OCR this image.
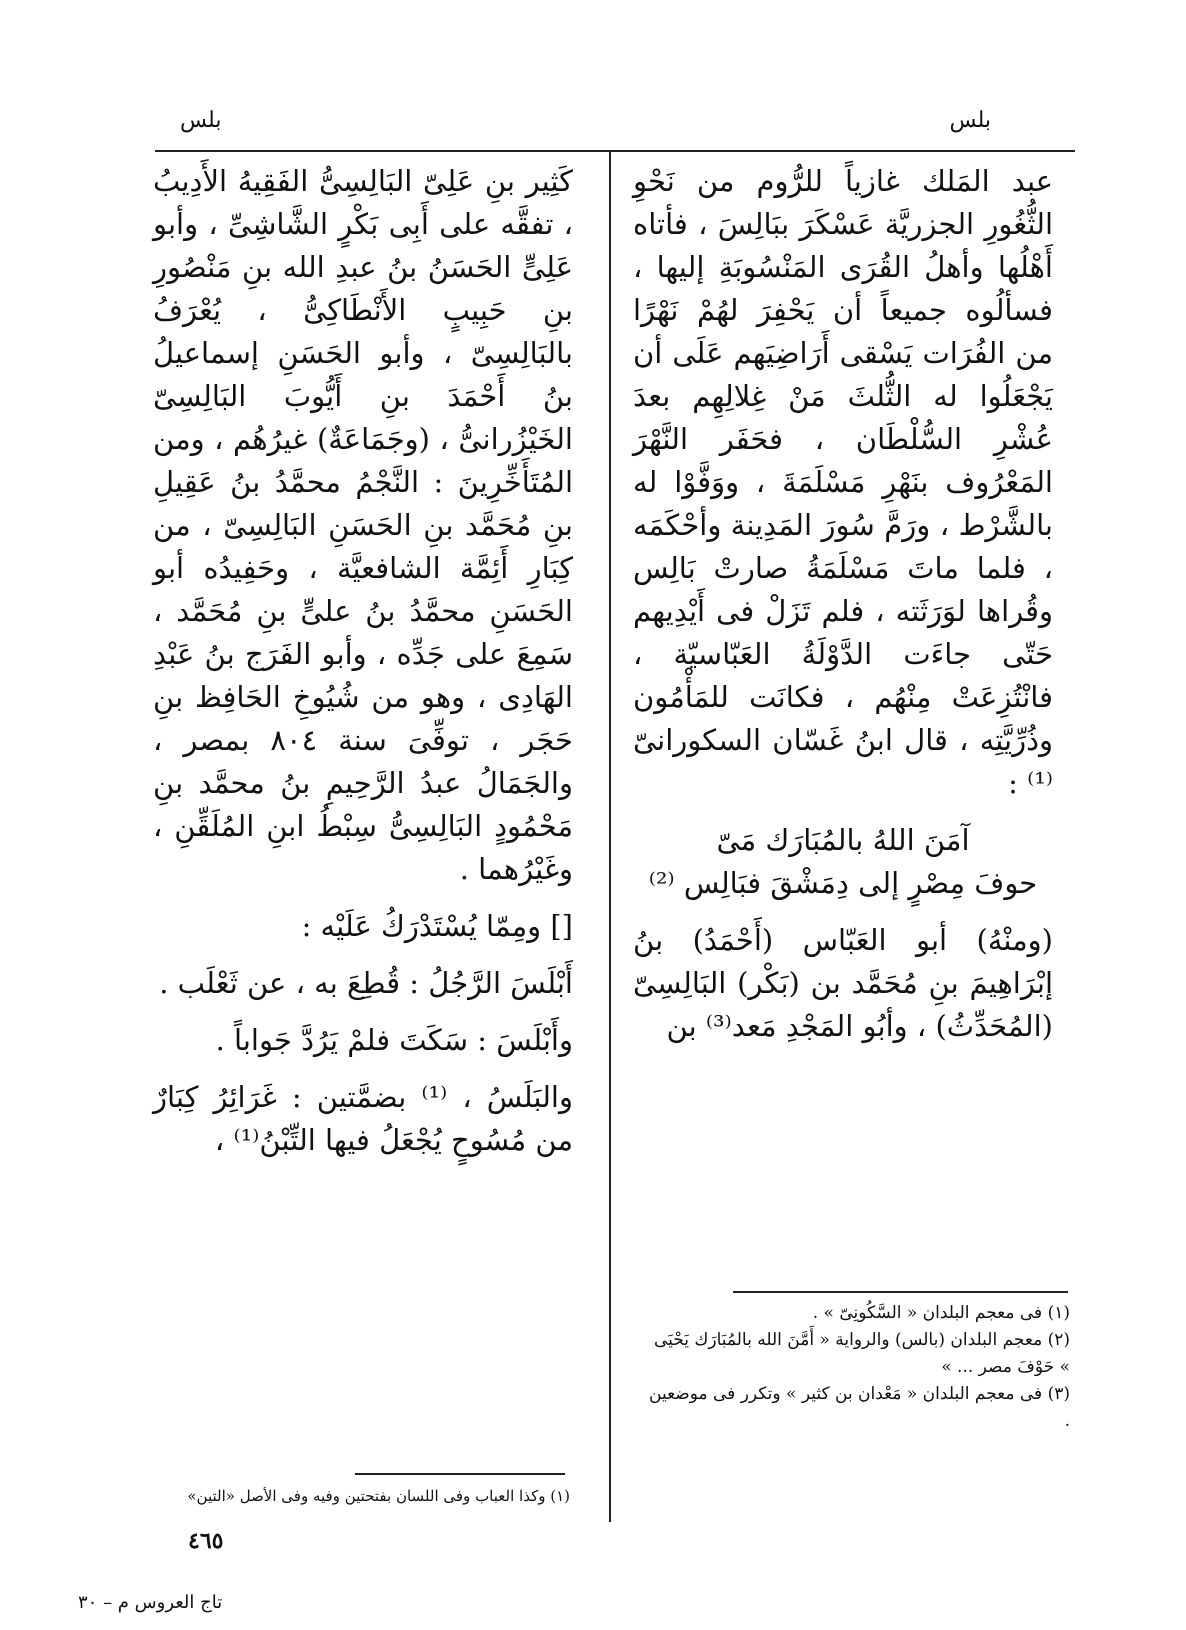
بلس	بلس

عبد المَلك غازياً للرُّوم من نَحْوِ الثُّغُورِ الجزريَّة عَسْكَرَ ببَالِسَ ، فأتاه أَهْلُها وأهلُ القُرَى المَنْسُوبَةِ إليها ، فسألُوه جميعاً أن يَحْفِرَ لهُمْ نَهْرًا من الفُرَات يَسْقى أَرَاضِيَهم عَلَى أن يَجْعَلُوا له الثُّلثَ مَنْ غِلالِهِم بعدَ عُشْرِ السُّلْطَان ، فحَفَر النَّهْرَ المَعْرُوف بنَهْرِ مَسْلَمَةَ ، ووَفَّوْا له بالشَّرْط ، ورَمَّ سُورَ المَدِينة وأحْكَمَه ، فلما ماتَ مَسْلَمَةُ صارتْ بَالِس وقُراها لوَرَثَته ، فلم تَزَلْ فى أَيْدِيهم حَتّى جاءَت الدَّوْلَةُ العَبّاسيّة ، فانْتُزِعَتْ مِنْهُم ، فكانَت للمَأْمُون وذُرِّيَّتِه ، قال ابنُ غَسّان السكورانىّ ⁽¹⁾ :

آمَنَ اللهُ بالمُبَارَك مَىّ

حوفَ مِصْرٍ إلى دِمَشْقَ فبَالِس ⁽²⁾

(ومنْهُ) أبو العَبّاس (أَحْمَدُ) بنُ إبْرَاهِيمَ بنِ مُحَمَّد بن (بَكْر) البَالِسِىّ (المُحَدِّثُ) ، وأبُو المَجْدِ مَعد⁽³⁾ بن

كَثِير بنِ عَلِىّ البَالِسِىُّ الفَقِيهُ الأَدِيبُ ، تفقَّه على أَبِى بَكْرٍ الشَّاشِىِّ ، وأبو عَلِىٍّ الحَسَنُ بنُ عبدِ الله بنِ مَنْصُورِ بنِ حَبِيبٍ الأَنْطَاكِىُّ ، يُعْرَفُ بالبَالِسِىّ ، وأبو الحَسَنِ إسماعيلُ بنُ أَحْمَدَ بنِ أَيُّوبَ البَالِسِىّ الخَيْزُرانىُّ ، (وجَمَاعَةٌ) غيرُهُم ، ومن المُتَأَخِّرِينَ : النَّجْمُ محمَّدُ بنُ عَقِيلِ بنِ مُحَمَّد بنِ الحَسَنِ البَالِسِىّ ، من كِبَارِ أَئِمَّة الشافعيَّة ، وحَفِيدُه أبو الحَسَنِ محمَّدُ بنُ علىٍّ بنِ مُحَمَّد ، سَمِعَ على جَدِّه ، وأبو الفَرَج بنُ عَبْدِ الهَادِى ، وهو من شُيُوخِ الحَافِظ بنِ حَجَر ، توفِّىَ سنة ٨٠٤ بمصر ، والجَمَالُ عبدُ الرَّحِيمِ بنُ محمَّد بنِ مَحْمُودٍ البَالِسِىُّ سِبْطُ ابنِ المُلَقِّنِ ، وغَيْرُهما .

[] ومِمّا يُسْتَدْرَكُ عَلَيْه :

أَبْلَسَ الرَّجُلُ : قُطِعَ به ، عن ثَعْلَب .

وأَبْلَسَ : سَكَتَ فلمْ يَرُدَّ جَواباً .

والبَلَسُ ، ⁽¹⁾ بضمَّتين : غَرَائِرُ كِبَارٌ من مُسُوحٍ يُجْعَلُ فيها التِّبْنُ⁽¹⁾ ،

(١) فى معجم البلدان « السَّكُونِىّ » .

(٢) معجم البلدان (بالس) والرواية « أَمَّنَ الله بالمُبَارَك يَحْيَى » حَوْفَ مصر ... »

(٣) فى معجم البلدان « مَعْدان بن كثير » وتكرر فى موضعين .

(١) وكذا العباب وفى اللسان بفتحتين وفيه وفى الأصل «التين»

٤٦٥
تاج العروس م – ٣٠
